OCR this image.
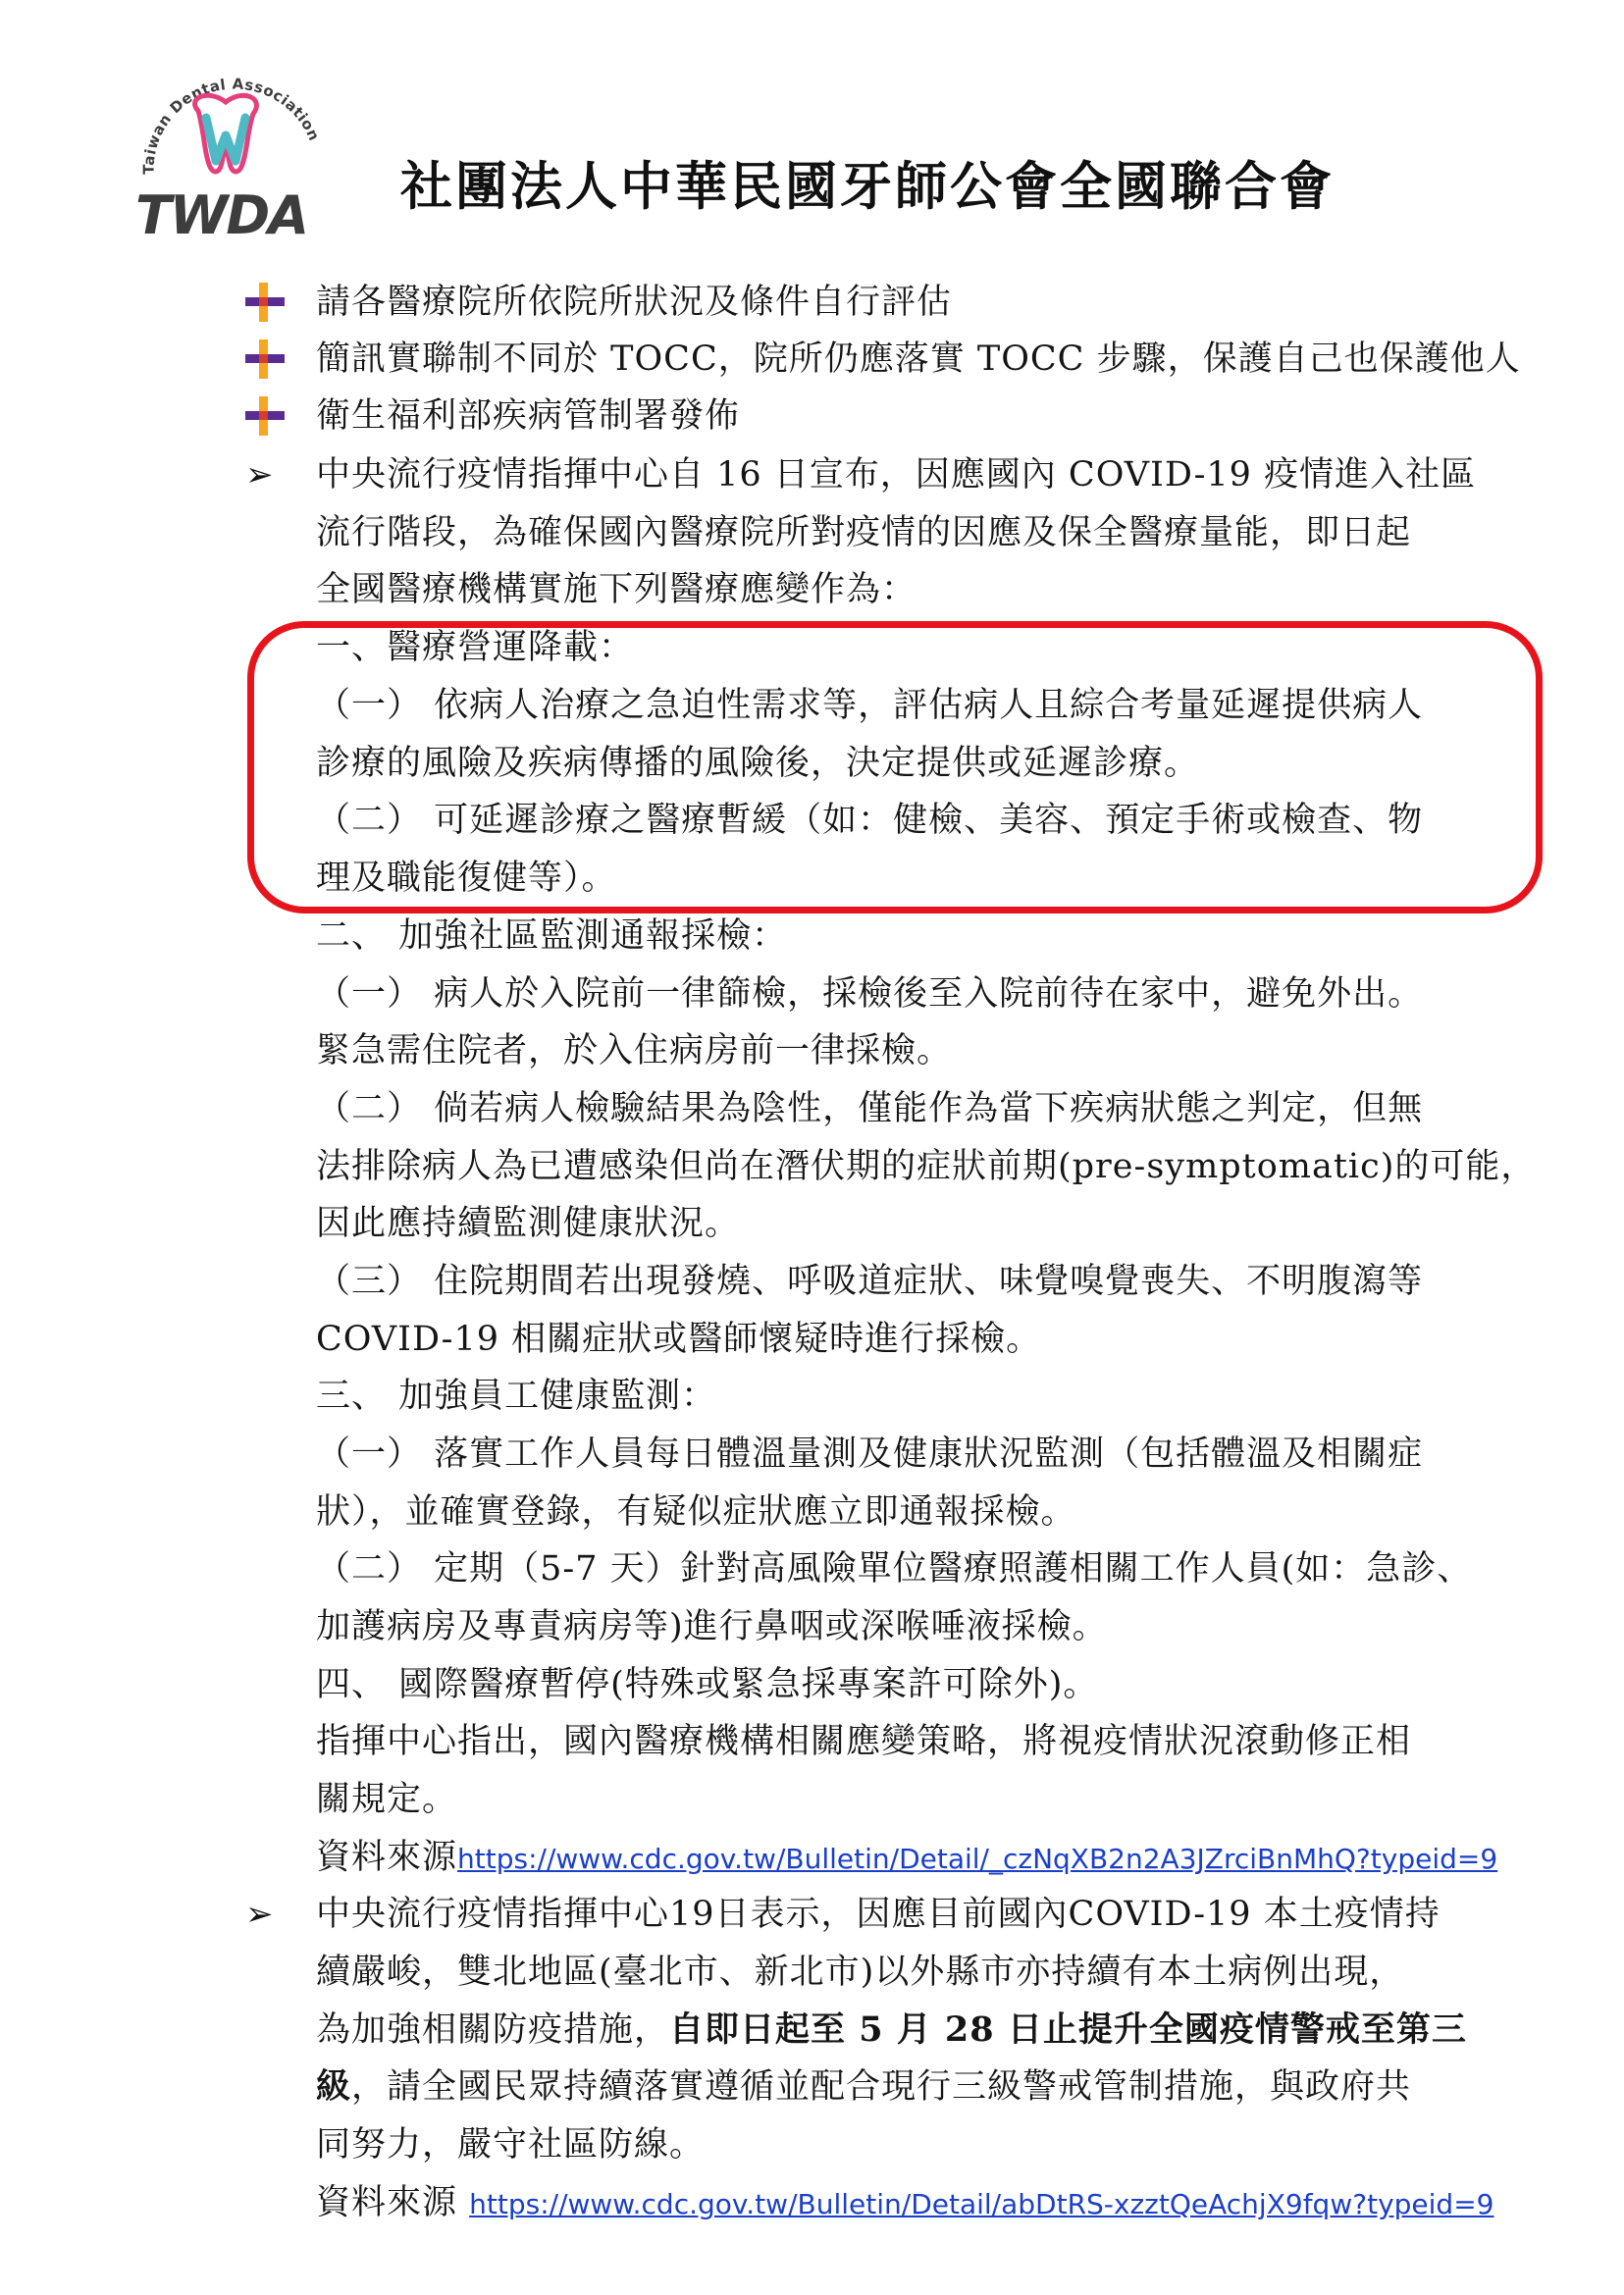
Taiwan Dental Association
TWDA 社團法人中華民國牙師公會全國聯合會
請各醫療院所依院所狀況及條件自行評估
簡訊實聯制不同於 TOCC，院所仍應落實 TOCC 步驟，保護自己也保護他人
衛生福利部疾病管制署發佈
➢ 中央流行疫情指揮中心自 16 日宣布，因應國內 COVID-19 疫情進入社區
流行階段，為確保國內醫療院所對疫情的因應及保全醫療量能，即日起
全國醫療機構實施下列醫療應變作為：
一、醫療營運降載：
（一） 依病人治療之急迫性需求等，評估病人且綜合考量延遲提供病人
診療的風險及疾病傳播的風險後，決定提供或延遲診療。
（二） 可延遲診療之醫療暫緩（如：健檢、美容、預定手術或檢查、物
理及職能復健等）。
二、 加強社區監測通報採檢：
（一） 病人於入院前一律篩檢，採檢後至入院前待在家中，避免外出。
緊急需住院者，於入住病房前一律採檢。
（二） 倘若病人檢驗結果為陰性，僅能作為當下疾病狀態之判定，但無
法排除病人為已遭感染但尚在潛伏期的症狀前期(pre-symptomatic)的可能，
因此應持續監測健康狀況。
（三） 住院期間若出現發燒、呼吸道症狀、味覺嗅覺喪失、不明腹瀉等
COVID-19 相關症狀或醫師懷疑時進行採檢。
三、 加強員工健康監測：
（一） 落實工作人員每日體溫量測及健康狀況監測（包括體溫及相關症
狀），並確實登錄，有疑似症狀應立即通報採檢。
（二） 定期（5-7 天）針對高風險單位醫療照護相關工作人員(如：急診、
加護病房及專責病房等)進行鼻咽或深喉唾液採檢。
四、 國際醫療暫停(特殊或緊急採專案許可除外)。
指揮中心指出，國內醫療機構相關應變策略，將視疫情狀況滾動修正相
關規定。
資料來源https://www.cdc.gov.tw/Bulletin/Detail/_czNqXB2n2A3JZrciBnMhQ?typeid=9
➢ 中央流行疫情指揮中心19日表示，因應目前國內COVID-19 本土疫情持
續嚴峻，雙北地區(臺北市、新北市)以外縣市亦持續有本土病例出現，
為加強相關防疫措施，自即日起至 5 月 28 日止提升全國疫情警戒至第三
級，請全國民眾持續落實遵循並配合現行三級警戒管制措施，與政府共
同努力，嚴守社區防線。
資料來源 https://www.cdc.gov.tw/Bulletin/Detail/abDtRS-xzztQeAchjX9fqw?typeid=9
